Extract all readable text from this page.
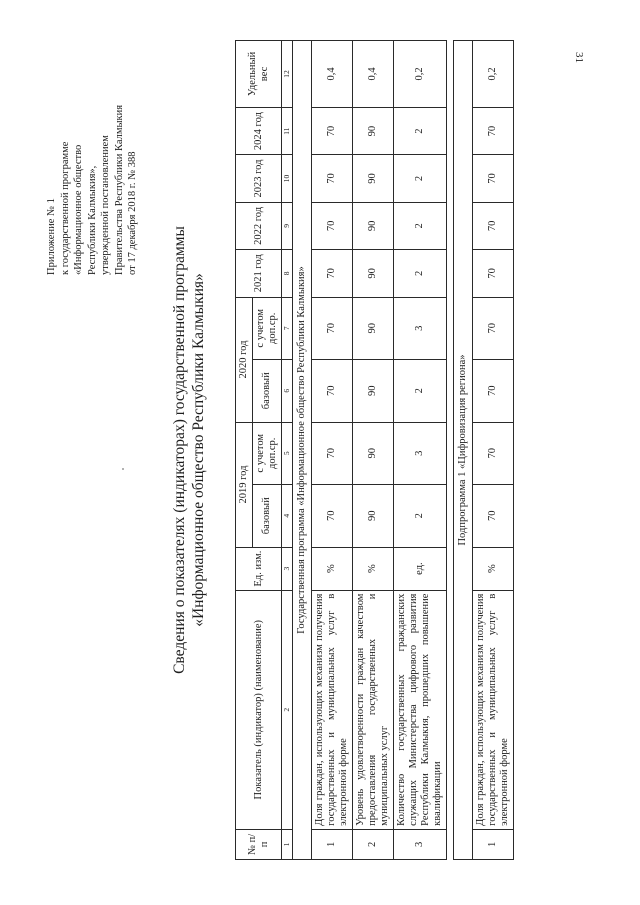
31
Приложение № 1 к государственной программе «Информационное общество Республики Калмыкия», утвержденной постановлением Правительства Республики Калмыкия от 17 декабря 2018 г. № 388
Сведения о показателях (индикаторах) государственной программы «Информационное общество Республики Калмыкия»
№ п/п	Показатель (индикатор) (наименование)	Ед. изм.	2019 год		2020 год		2021 год	2022 год	2023 год	2024 год	Удельный вес
			базовый	с учетом доп.ср.	базовый	с учетом доп.ср.					
1	2	3	4	5	6	7	8	9	10	11	12
Государственная программа «Информационное общество Республики Калмыкия»											
1	Доля граждан, использующих механизм получения государственных и муниципальных услуг в электронной форме	%	70	70	70	70	70	70	70	70	0,4
2	Уровень удовлетворенности граждан качеством предоставления государственных и муниципальных услуг	%	90	90	90	90	90	90	90	90	0,4
3	Количество государственных гражданских служащих Министерства цифрового развития Республики Калмыкия, прошедших повышение квалификации	ед.	2	3	2	3	2	2	2	2	0,2

Подпрограмма 1 «Цифровизация региона»											
1	Доля граждан, использующих механизм получения государственных и муниципальных услуг в электронной форме	%	70	70	70	70	70	70	70	70	0,2
